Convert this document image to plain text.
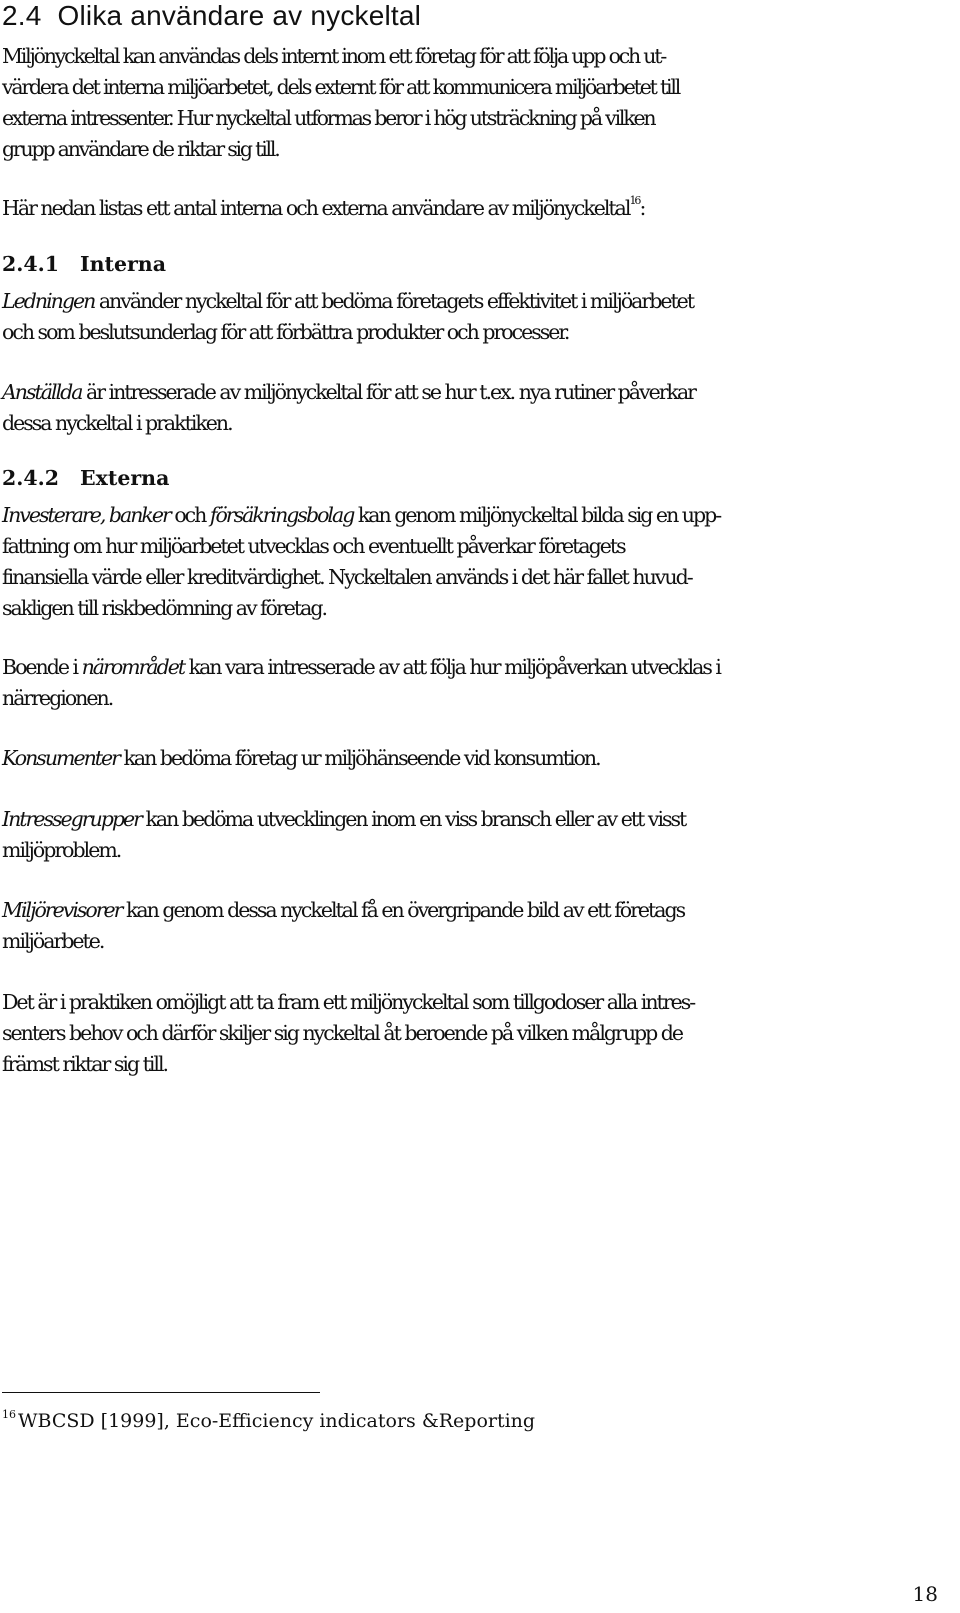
2.4 Olika användare av nyckeltal

Miljönyckeltal kan användas dels internt inom ett företag för att följa upp och ut-
värdera det interna miljöarbetet, dels externt för att kommunicera miljöarbetet till
externa intressenter. Hur nyckeltal utformas beror i hög utsträckning på vilken
grupp användare de riktar sig till.

Här nedan listas ett antal interna och externa användare av miljönyckeltal$^{16}$:

2.4.1 Interna

Ledningen använder nyckeltal för att bedöma företagets effektivitet i miljöarbetet
och som beslutsunderlag för att förbättra produkter och processer.

Anställda är intresserade av miljönyckeltal för att se hur t.ex. nya rutiner påverkar
dessa nyckeltal i praktiken.

2.4.2 Externa

Investerare, banker och försäkringsbolag kan genom miljönyckeltal bilda sig en upp-
fattning om hur miljöarbetet utvecklas och eventuellt påverkar företagets
finansiella värde eller kreditvärdighet. Nyckeltalen används i det här fallet huvud-
sakligen till riskbedömning av företag.

Boende i närområdet kan vara intresserade av att följa hur miljöpåverkan utvecklas i
närregionen.

Konsumenter kan bedöma företag ur miljöhänseende vid konsumtion.

Intressegrupper kan bedöma utvecklingen inom en viss bransch eller av ett visst
miljöproblem.

Miljörevisorer kan genom dessa nyckeltal få en övergripande bild av ett företags
miljöarbete.

Det är i praktiken omöjligt att ta fram ett miljönyckeltal som tillgodoser alla intres-
senters behov och därför skiljer sig nyckeltal åt beroende på vilken målgrupp de
främst riktar sig till.

$^{16}$ WBCSD [1999], Eco-Efficiency indicators &Reporting
18
